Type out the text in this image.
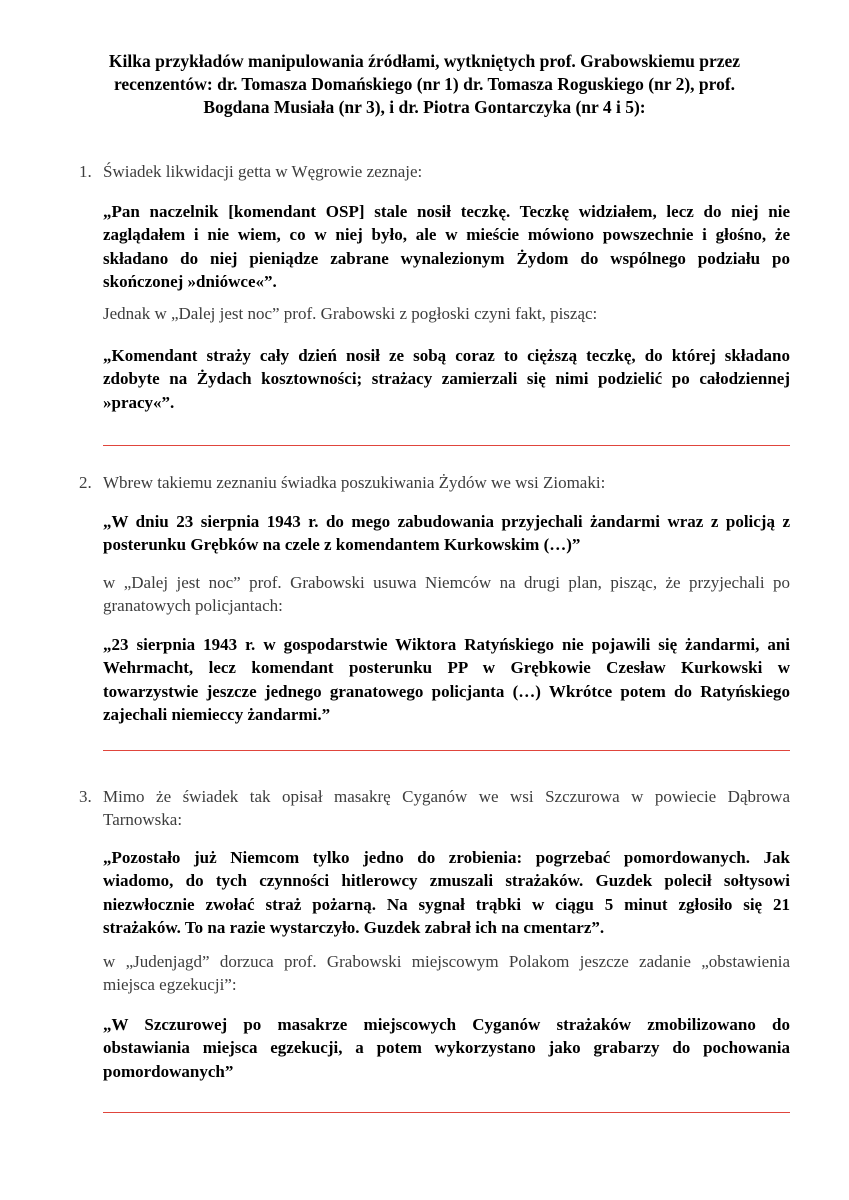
Kilka przykładów manipulowania źródłami, wytkniętych prof. Grabowskiemu przez
recenzentów: dr. Tomasza Domańskiego (nr 1) dr. Tomasza Roguskiego (nr 2), prof.
Bogdana Musiała (nr 3), i dr. Piotra Gontarczyka (nr 4 i 5):
1. Świadek likwidacji getta w Węgrowie zeznaje:
„Pan naczelnik [komendant OSP] stale nosił teczkę. Teczkę widziałem, lecz do niej nie
zaglądałem i nie wiem, co w niej było, ale w mieście mówiono powszechnie i głośno, że
składano do niej pieniądze zabrane wynalezionym Żydom do wspólnego podziału po
skończonej »dniówce«”.
Jednak w „Dalej jest noc” prof. Grabowski z pogłoski czyni fakt, pisząc:
„Komendant straży cały dzień nosił ze sobą coraz to cięższą teczkę, do której składano
zdobyte na Żydach kosztowności; strażacy zamierzali się nimi podzielić po całodziennej
»pracy«”.
2. Wbrew takiemu zeznaniu świadka poszukiwania Żydów we wsi Ziomaki:
„W dniu 23 sierpnia 1943 r. do mego zabudowania przyjechali żandarmi wraz z policją z
posterunku Grębków na czele z komendantem Kurkowskim (…)”
w „Dalej jest noc” prof. Grabowski usuwa Niemców na drugi plan, pisząc, że przyjechali po
granatowych policjantach:
„23 sierpnia 1943 r. w gospodarstwie Wiktora Ratyńskiego nie pojawili się żandarmi, ani
Wehrmacht, lecz komendant posterunku PP w Grębkowie Czesław Kurkowski w
towarzystwie jeszcze jednego granatowego policjanta (…) Wkrótce potem do Ratyńskiego
zajechali niemieccy żandarmi.”
3. Mimo że świadek tak opisał masakrę Cyganów we wsi Szczurowa w powiecie Dąbrowa
Tarnowska:
„Pozostało już Niemcom tylko jedno do zrobienia: pogrzebać pomordowanych. Jak
wiadomo, do tych czynności hitlerowcy zmuszali strażaków. Guzdek polecił sołtysowi
niezwłocznie zwołać straż pożarną. Na sygnał trąbki w ciągu 5 minut zgłosiło się 21
strażaków. To na razie wystarczyło. Guzdek zabrał ich na cmentarz”.
w „Judenjagd” dorzuca prof. Grabowski miejscowym Polakom jeszcze zadanie „obstawienia
miejsca egzekucji”:
„W Szczurowej po masakrze miejscowych Cyganów strażaków zmobilizowano do
obstawiania miejsca egzekucji, a potem wykorzystano jako grabarzy do pochowania
pomordowanych”
